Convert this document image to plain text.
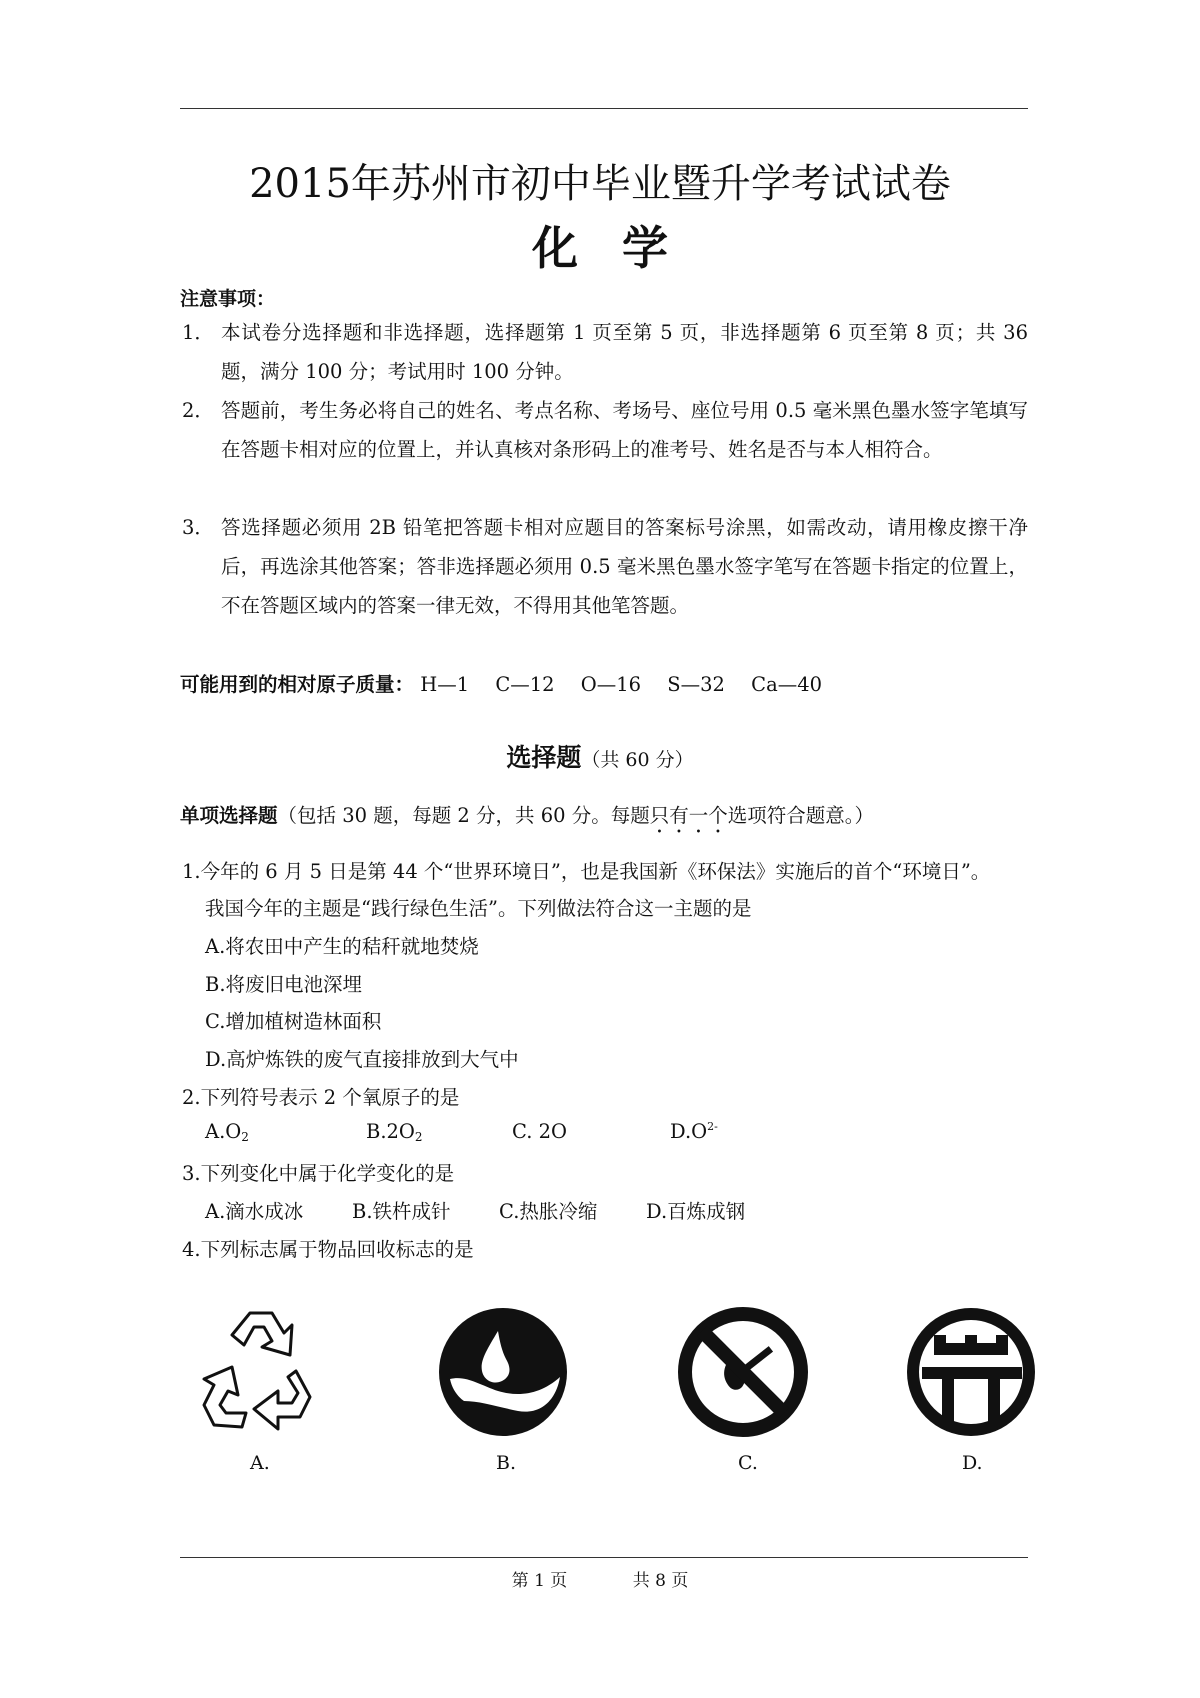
2015年苏州市初中毕业暨升学考试试卷
化学
注意事项：
1． 本试卷分选择题和非选择题，选择题第 1 页至第 5 页，非选择题第 6 页至第 8 页；共 36 题，满分 100 分；考试用时 100 分钟。
2． 答题前，考生务必将自己的姓名、考点名称、考场号、座位号用 0.5 毫米黑色墨水签字笔填写在答题卡相对应的位置上，并认真核对条形码上的准考号、姓名是否与本人相符合。
3． 答选择题必须用 2B 铅笔把答题卡相对应题目的答案标号涂黑，如需改动，请用橡皮擦干净后，再选涂其他答案；答非选择题必须用 0.5 毫米黑色墨水签字笔写在答题卡指定的位置上，不在答题区域内的答案一律无效，不得用其他笔答题。
可能用到的相对原子质量： H—1 C—12 O—16 S—32 Ca—40
选择题（共 60 分）
单项选择题（包括 30 题，每题 2 分，共 60 分。每题只有一个选项符合题意。）
1.今年的 6 月 5 日是第 44 个“世界环境日”，也是我国新《环保法》实施后的首个“环境日”。
我国今年的主题是“践行绿色生活”。下列做法符合这一主题的是
A.将农田中产生的秸秆就地焚烧
B.将废旧电池深埋
C.增加植树造林面积
D.高炉炼铁的废气直接排放到大气中
2.下列符号表示 2 个氧原子的是
$A.O_2$	$B.2O_2$	C. 2O	$D.O^{2-}$
3.下列变化中属于化学变化的是
A.滴水成冰 B.铁杵成针 C.热胀冷缩 D.百炼成钢
4.下列标志属于物品回收标志的是
A.	B.	C.	D.
第 1 页	共 8 页
